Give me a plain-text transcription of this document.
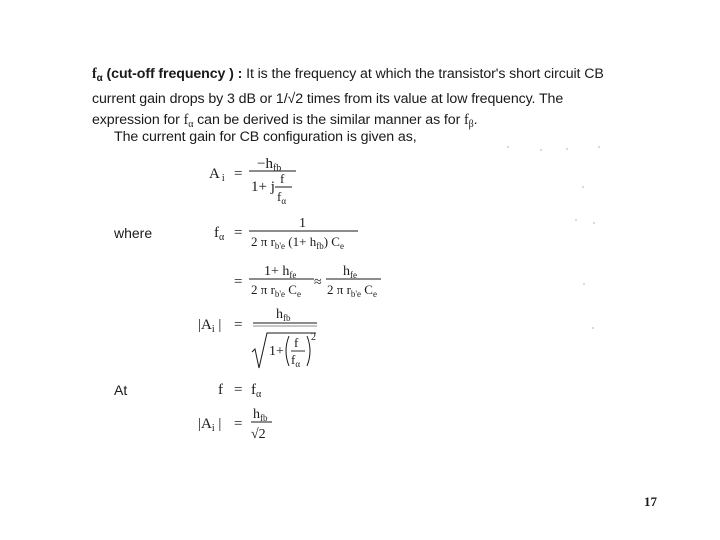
$f_\alpha$ (cut-off frequency ) : It is the frequency at which the transistor's short circuit CB current gain drops by 3 dB or 1/√2 times from its value at low frequency. The expression for $f_\alpha$ can be derived is the similar manner as for $f_\beta$.
The current gain for CB configuration is given as,
where
At
A $_i$ =
$-h_{fb}$
1+ j
f
$f_\alpha$
$f_\alpha$ =
1
2 π $r_{b'e}$ $(1+ h_{fb})$ $C_e$
=
$1+ h_{fe}$
2 π $r_{b'e}$ $C_e$
≈
$h_{fe}$
2 π $r_{b'e}$ $C_e$
$|A_i$ | =
$h_{fb}$
1+
f
$f_\alpha$
2
$f = f_\alpha$
$|A_i$ | =
$h_{fb}$
√2
17
